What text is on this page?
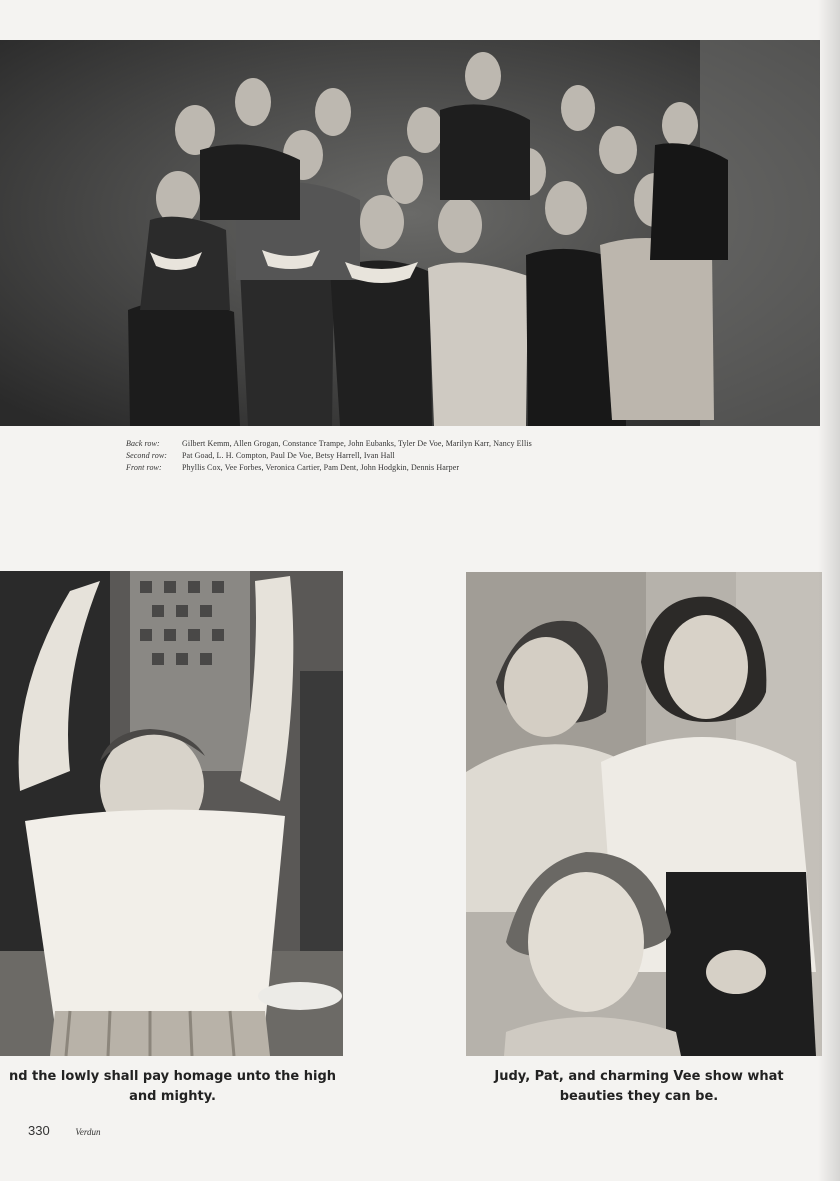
Back row:	Gilbert Kemm, Allen Grogan, Constance Trampe, John Eubanks, Tyler De Voe, Marilyn Karr, Nancy Ellis
Second row:	Pat Goad, L. H. Compton, Paul De Voe, Betsy Harrell, Ivan Hall
Front row:	Phyllis Cox, Vee Forbes, Veronica Cartier, Pam Dent, John Hodgkin, Dennis Harper
nd the lowly shall pay homage unto the high and mighty.
Judy, Pat, and charming Vee show what beauties they can be.
330	Verdun
